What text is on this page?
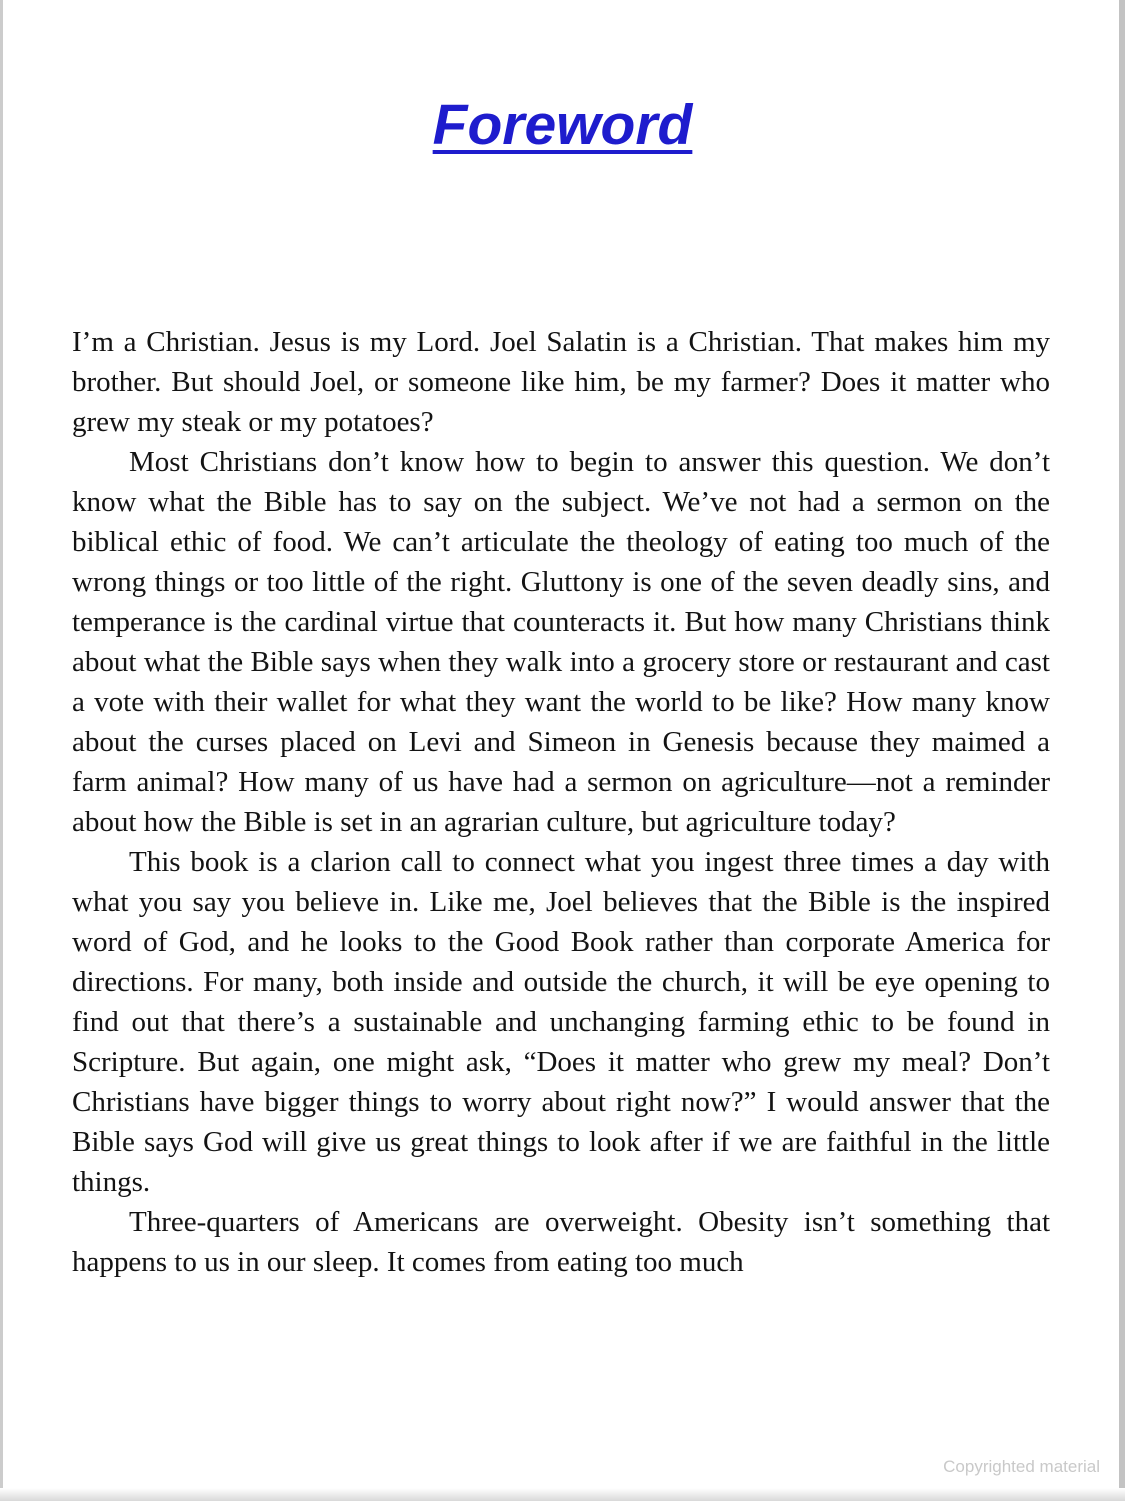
Foreword

I’m a Christian. Jesus is my Lord. Joel Salatin is a Christian. That makes him my brother. But should Joel, or someone like him, be my farmer? Does it matter who grew my steak or my potatoes?

Most Christians don’t know how to begin to answer this question. We don’t know what the Bible has to say on the subject. We’ve not had a sermon on the biblical ethic of food. We can’t articulate the theology of eating too much of the wrong things or too little of the right. Gluttony is one of the seven deadly sins, and temperance is the cardinal virtue that counteracts it. But how many Christians think about what the Bible says when they walk into a grocery store or restaurant and cast a vote with their wallet for what they want the world to be like? How many know about the curses placed on Levi and Simeon in Genesis because they maimed a farm animal? How many of us have had a sermon on agriculture—not a reminder about how the Bible is set in an agrarian culture, but agriculture today?

This book is a clarion call to connect what you ingest three times a day with what you say you believe in. Like me, Joel believes that the Bible is the inspired word of God, and he looks to the Good Book rather than corporate America for directions. For many, both inside and outside the church, it will be eye opening to find out that there’s a sustainable and unchanging farming ethic to be found in Scripture. But again, one might ask, “Does it matter who grew my meal? Don’t Christians have bigger things to worry about right now?” I would answer that the Bible says God will give us great things to look after if we are faithful in the little things.

Three-quarters of Americans are overweight. Obesity isn’t something that happens to us in our sleep. It comes from eating too much

Copyrighted material
